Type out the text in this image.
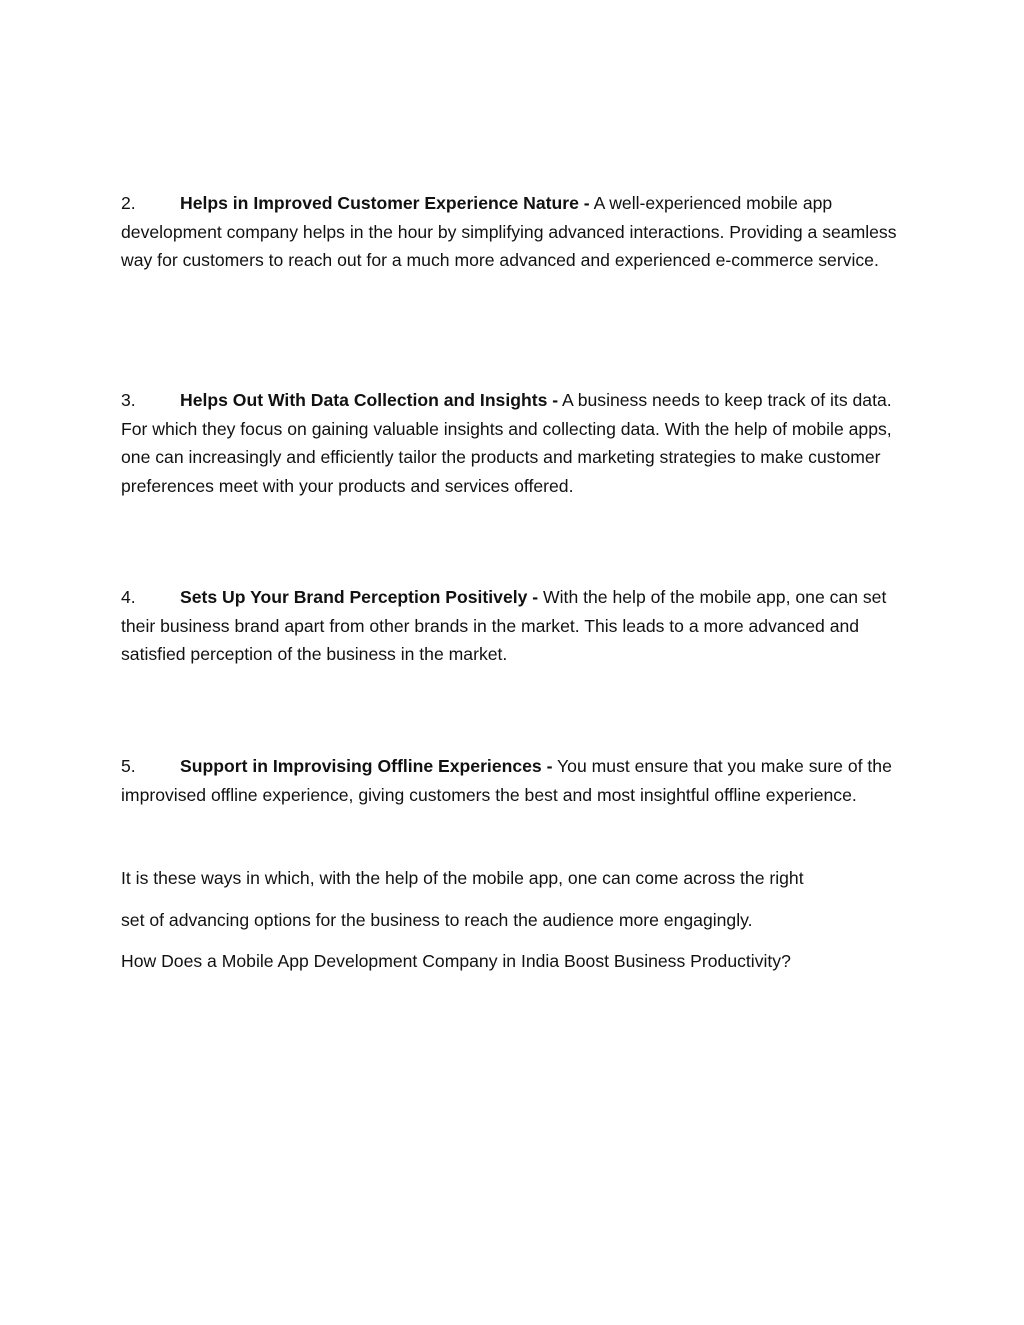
2.	Helps in Improved Customer Experience Nature - A well-experienced mobile app development company helps in the hour by simplifying advanced interactions. Providing a seamless way for customers to reach out for a much more advanced and experienced e-commerce service.

3.	Helps Out With Data Collection and Insights - A business needs to keep track of its data. For which they focus on gaining valuable insights and collecting data. With the help of mobile apps, one can increasingly and efficiently tailor the products and marketing strategies to make customer preferences meet with your products and services offered.

4.	Sets Up Your Brand Perception Positively - With the help of the mobile app, one can set their business brand apart from other brands in the market. This leads to a more advanced and satisfied perception of the business in the market.

5.	Support in Improvising Offline Experiences - You must ensure that you make sure of the improvised offline experience, giving customers the best and most insightful offline experience.

It is these ways in which, with the help of the mobile app, one can come across the right

set of advancing options for the business to reach the audience more engagingly.

How Does a Mobile App Development Company in India Boost Business Productivity?
